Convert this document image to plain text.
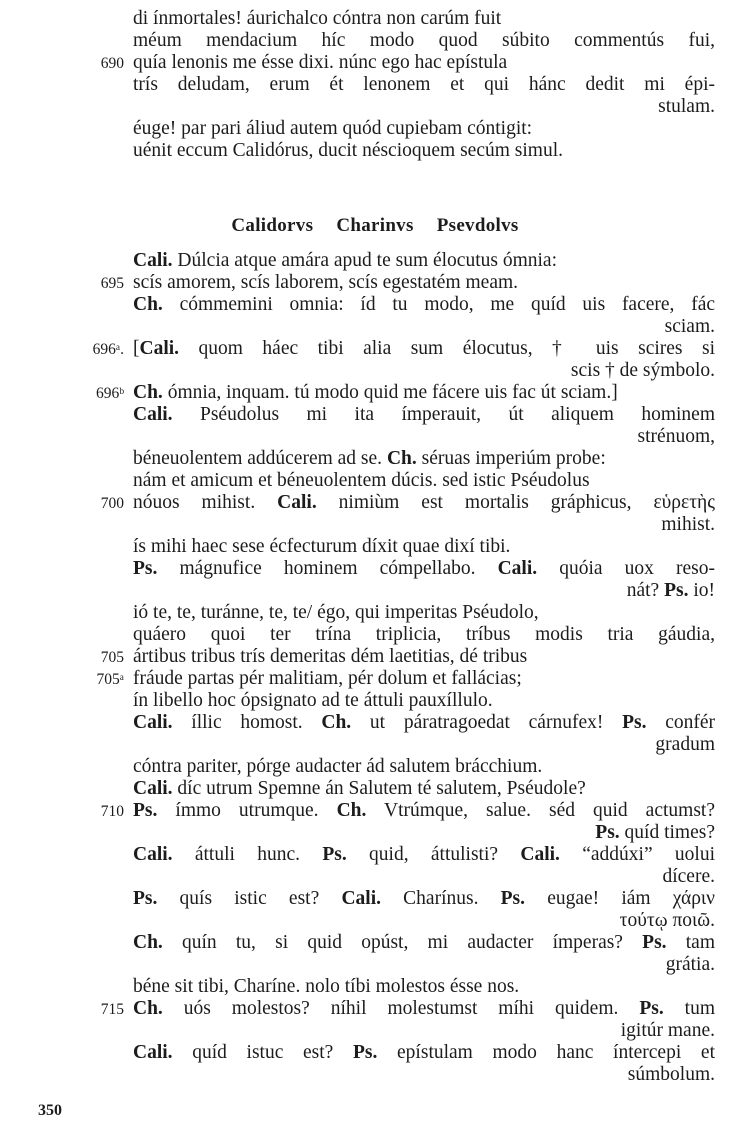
Calidorvs Charinvs Psevdolvs
di ínmortales! áurichalco cóntra non carúm fuit
méum mendacium híc modo quod súbito commentús fui,
690 quía lenonis me ésse dixi. núnc ego hac epístula
trís deludam, erum ét lenonem et qui hánc dedit mi épi-
stulam.
éuge! par pari áliud autem quód cupiebam cóntigit:
uénit eccum Calidórus, ducit néscioquem secúm simul.
Cali. Dúlcia atque amára apud te sum élocutus ómnia:
695 scís amorem, scís laborem, scís egestatém meam.
Ch. cómmemini omnia: íd tu modo, me quíd uis facere, fác
sciam.
696ᵃ. [Cali. quom háec tibi alia sum élocutus, † uis scires si
scis † de sýmbolo.
696ᵇ Ch. ómnia, inquam. tú modo quid me fácere uis fac út sciam.]
Cali. Pséudolus mi ita ímperauit, út aliquem hominem
strénuom,
béneuolentem addúcerem ad se. Ch. séruas imperiúm probe:
nám et amicum et béneuolentem dúcis. sed istic Pséudolus
700 nóuos mihist. Cali. nimiùm est mortalis gráphicus, εὑρετὴς
mihist.
ís mihi haec sese écfecturum díxit quae dixí tibi.
Ps. mágnufice hominem cómpellabo. Cali. quóia uox reso-
nát? Ps. io!
ió te, te, turánne, te, te/ égo, qui imperitas Pséudolo,
quáero quoi ter trína triplicia, tríbus modis tria gáudia,
705 ártibus tribus trís demeritas dém laetitias, dé tribus
705ᵃ fráude partas pér malitiam, pér dolum et fallácias;
ín libello hoc ópsignato ad te áttuli pauxíllulo.
Cali. íllic homost. Ch. ut páratragoedat cárnufex! Ps. confér
gradum
cóntra pariter, pórge audacter ád salutem brácchium.
Cali. díc utrum Spemne án Salutem té salutem, Pséudole?
710 Ps. ímmo utrumque. Ch. Vtrúmque, salue. séd quid actumst?
Ps. quíd times?
Cali. áttuli hunc. Ps. quid, áttulisti? Cali. “addúxi” uolui
dícere.
Ps. quís istic est? Cali. Charínus. Ps. eugae! iám χάριν
τούτῳ ποιῶ.
Ch. quín tu, si quid opúst, mi audacter ímperas? Ps. tam
grátia.
béne sit tibi, Charíne. nolo tíbi molestos ésse nos.
715 Ch. uós molestos? níhil molestumst míhi quidem. Ps. tum
igitúr mane.
Cali. quíd istuc est? Ps. epístulam modo hanc íntercepi et
súmbolum.
350
